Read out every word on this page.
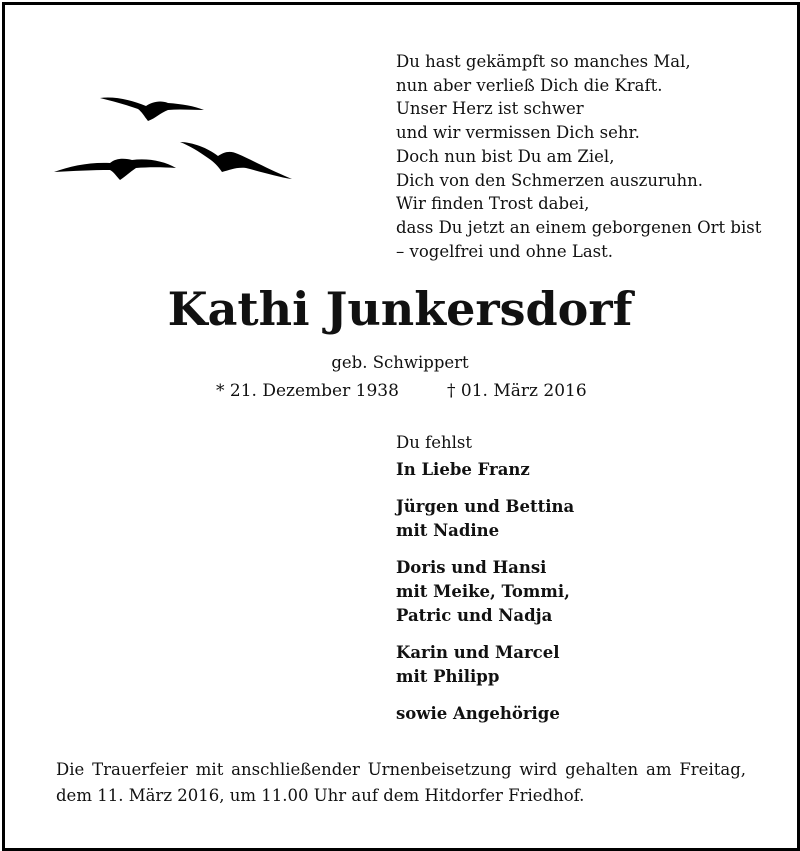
Du hast gekämpft so manches Mal,
nun aber verließ Dich die Kraft.
Unser Herz ist schwer
und wir vermissen Dich sehr.
Doch nun bist Du am Ziel,
Dich von den Schmerzen auszuruhn.
Wir finden Trost dabei,
dass Du jetzt an einem geborgenen Ort bist
– vogelfrei und ohne Last.
Kathi Junkersdorf
geb. Schwippert
* 21. Dezember 1938	† 01. März 2016
Du fehlst
In Liebe Franz
Jürgen und Bettina
mit Nadine
Doris und Hansi
mit Meike, Tommi,
Patric und Nadja
Karin und Marcel
mit Philipp
sowie Angehörige
Die Trauerfeier mit anschließender Urnenbeisetzung wird gehalten am Freitag,
dem 11. März 2016, um 11.00 Uhr auf dem Hitdorfer Friedhof.
